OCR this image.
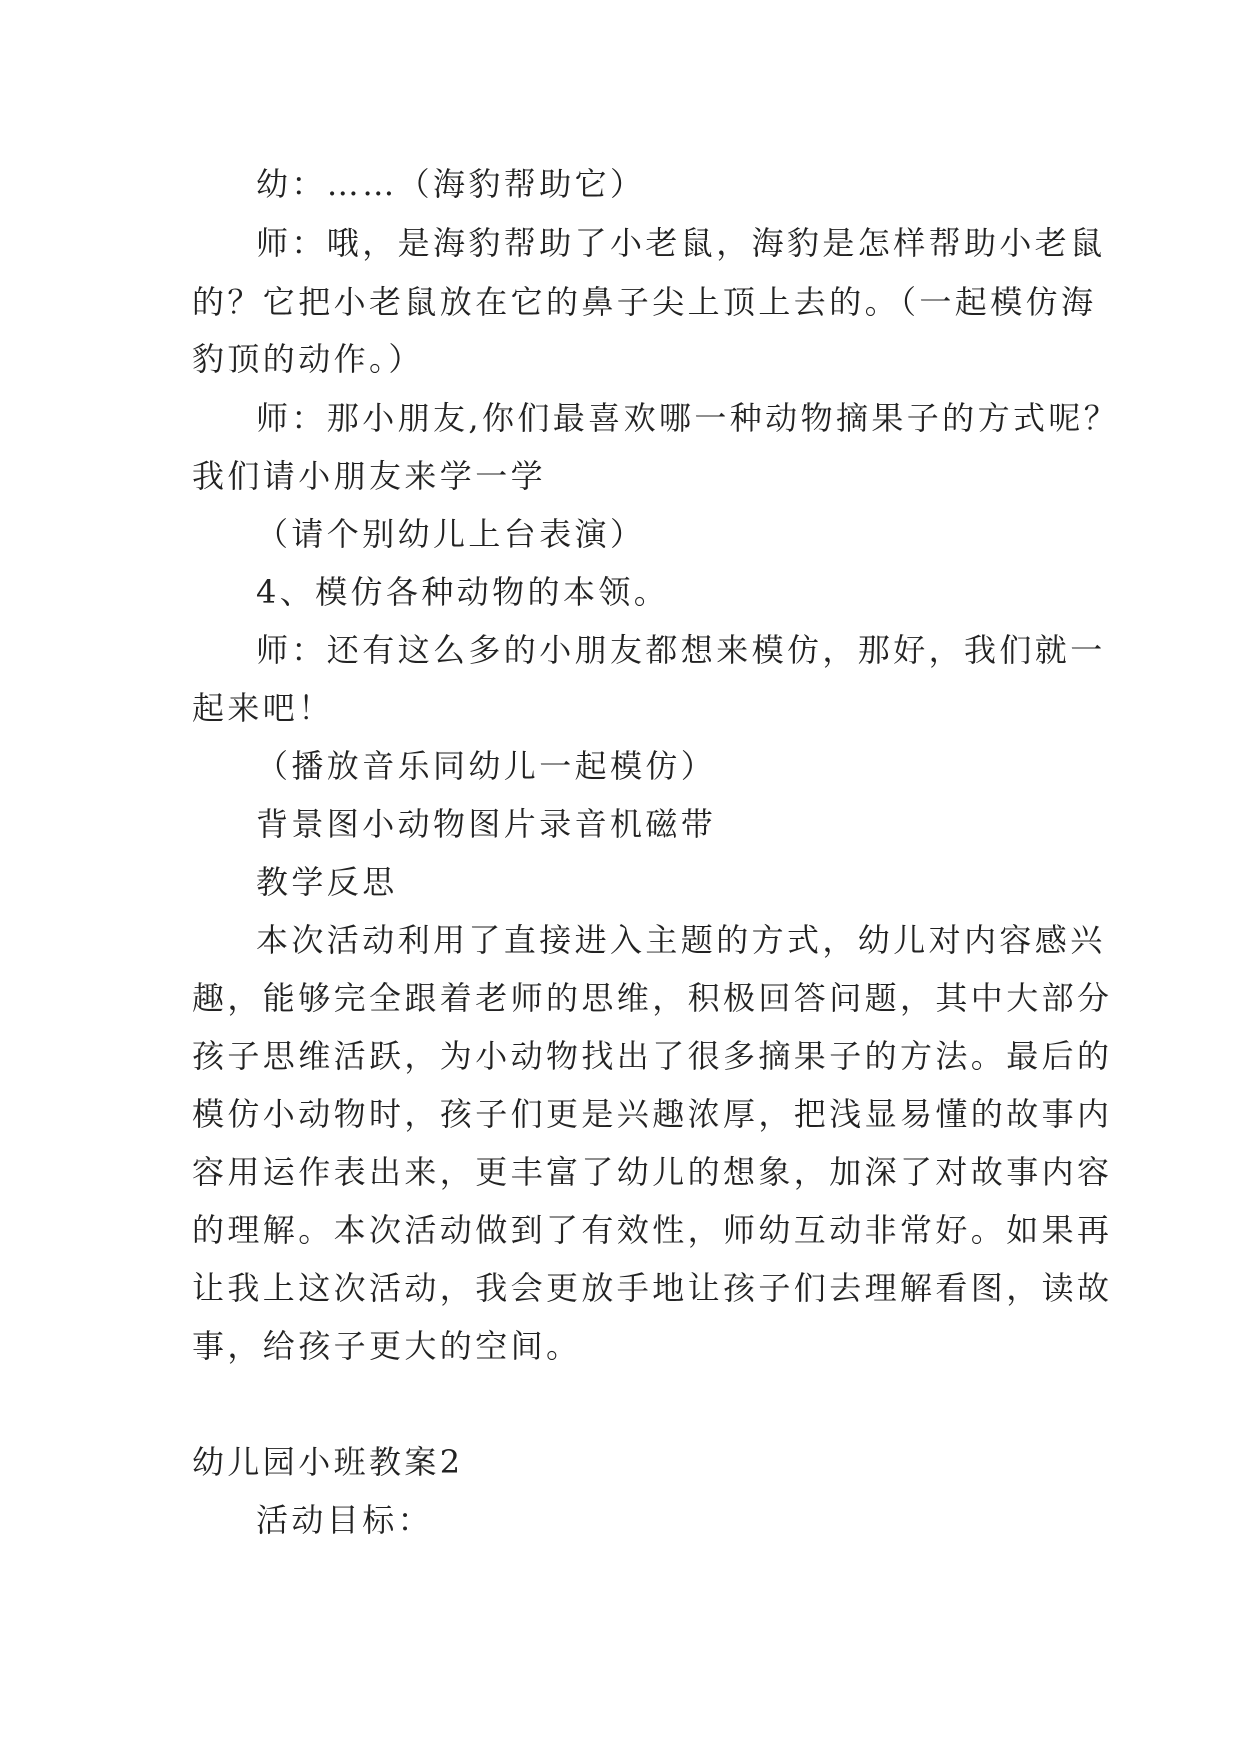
幼：……（海豹帮助它）
师：哦，是海豹帮助了小老鼠，海豹是怎样帮助小老鼠
的？它把小老鼠放在它的鼻子尖上顶上去的。（一起模仿海
豹顶的动作。）
师：那小朋友,你们最喜欢哪一种动物摘果子的方式呢？
我们请小朋友来学一学
（请个别幼儿上台表演）
4、模仿各种动物的本领。
师：还有这么多的小朋友都想来模仿，那好，我们就一
起来吧！
（播放音乐同幼儿一起模仿）
背景图小动物图片录音机磁带
教学反思
本次活动利用了直接进入主题的方式，幼儿对内容感兴
趣，能够完全跟着老师的思维，积极回答问题，其中大部分
孩子思维活跃，为小动物找出了很多摘果子的方法。最后的
模仿小动物时，孩子们更是兴趣浓厚，把浅显易懂的故事内
容用运作表出来，更丰富了幼儿的想象，加深了对故事内容
的理解。本次活动做到了有效性，师幼互动非常好。如果再
让我上这次活动，我会更放手地让孩子们去理解看图，读故
事，给孩子更大的空间。
幼儿园小班教案2
活动目标：
